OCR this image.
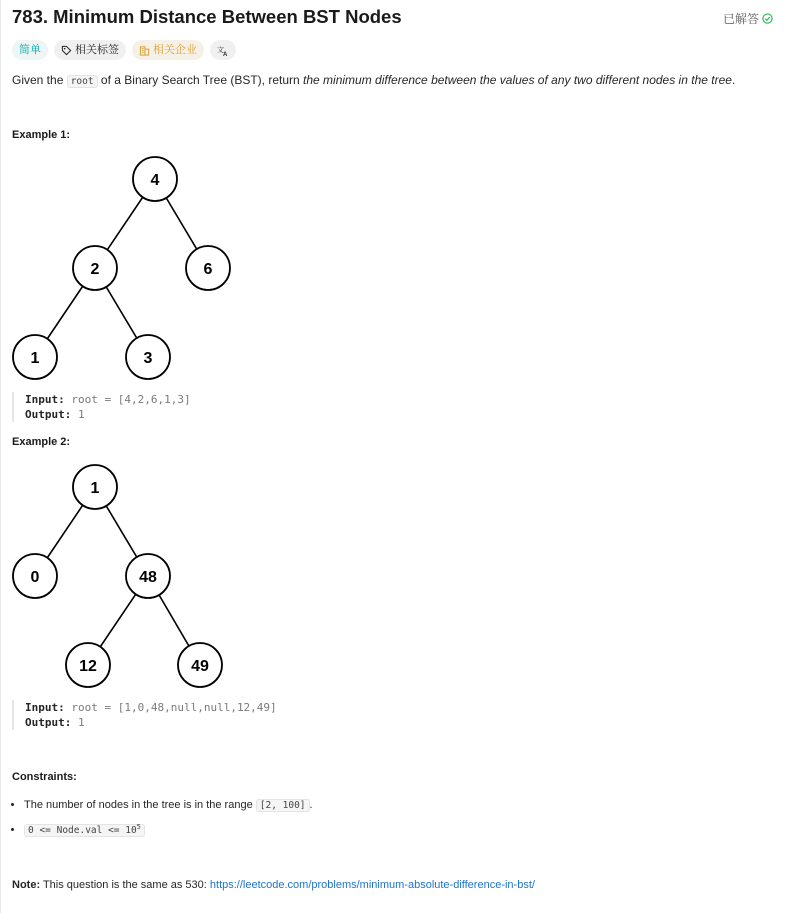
783. Minimum Distance Between BST Nodes	已解答
简单	相关标签	相关企业	文
A
Given the root of a Binary Search Tree (BST), return the minimum difference between the values of any two different nodes in the tree.
Example 1:
4
2	6
1	3
Input: root = [4,2,6,1,3]
Output: 1
Example 2:
1
0	48
12	49
Input: root = [1,0,48,null,null,12,49]
Output: 1
Constraints:
• The number of nodes in the tree is in the range [2, 100] .
• 0 <= Node.val <= $10^5$
Note: This question is the same as 530: https://leetcode.com/problems/minimum-absolute-difference-in-bst/
